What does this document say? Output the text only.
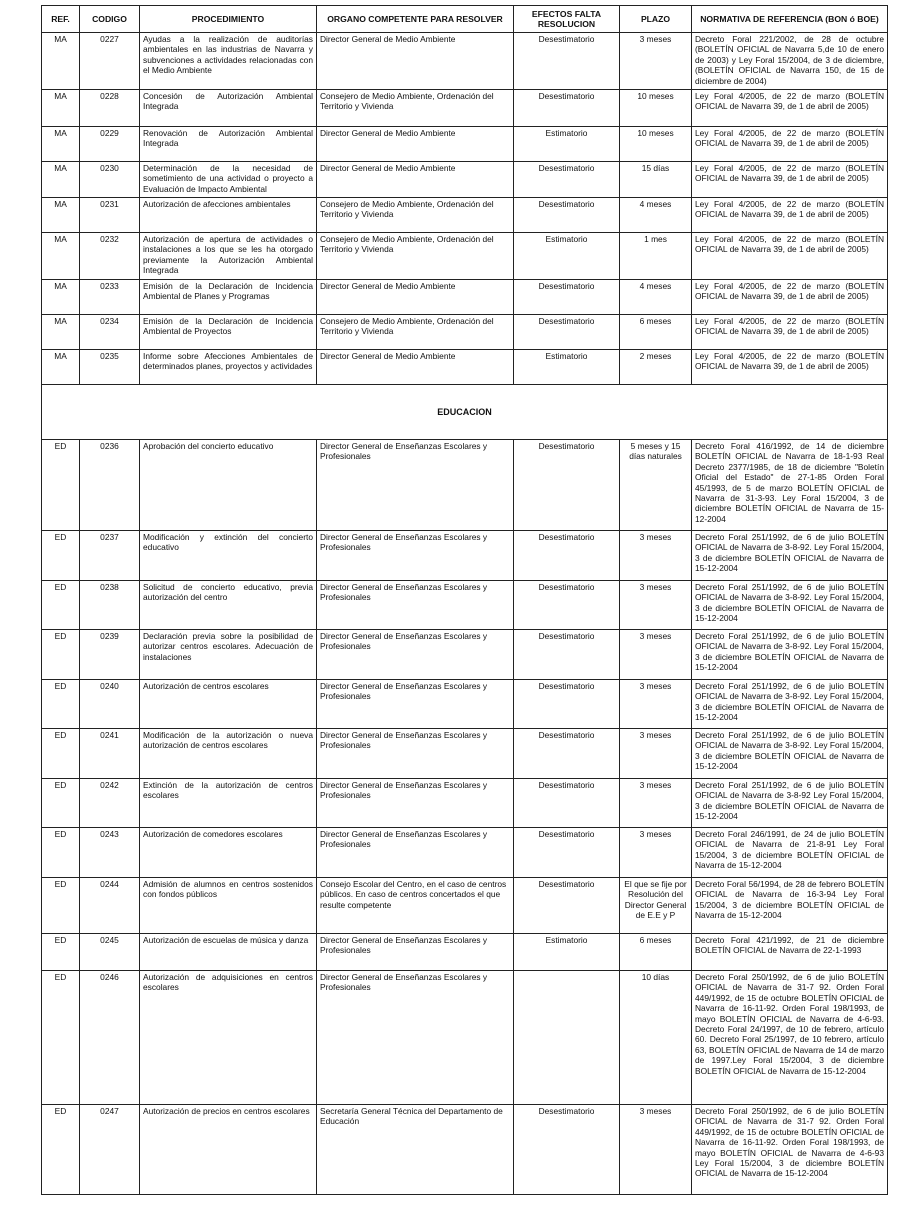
REF.	CODIGO	PROCEDIMIENTO	ORGANO COMPETENTE PARA RESOLVER	EFECTOS FALTA RESOLUCION	PLAZO	NORMATIVA DE REFERENCIA (BON ó BOE)
MA	0227	Ayudas a la realización de auditorías ambientales en las industrias de Navarra y subvenciones a actividades relacionadas con el Medio Ambiente	Director General de Medio Ambiente	Desestimatorio	3 meses	Decreto Foral 221/2002, de 28 de octubre (BOLETÍN OFICIAL de Navarra 5,de 10 de enero de 2003) y Ley Foral 15/2004, de 3 de diciembre, (BOLETÍN OFICIAL de Navarra 150, de 15 de diciembre de 2004)
MA	0228	Concesión de Autorización Ambiental Integrada	Consejero de Medio Ambiente, Ordenación del Territorio y Vivienda	Desestimatorio	10 meses	Ley Foral 4/2005, de 22 de marzo (BOLETÍN OFICIAL de Navarra 39, de 1 de abril de 2005)
MA	0229	Renovación de Autorización Ambiental Integrada	Director General de Medio Ambiente	Estimatorio	10 meses	Ley Foral 4/2005, de 22 de marzo (BOLETÍN OFICIAL de Navarra 39, de 1 de abril de 2005)
MA	0230	Determinación de la necesidad de sometimiento de una actividad o proyecto a Evaluación de Impacto Ambiental	Director General de Medio Ambiente	Desestimatorio	15 días	Ley Foral 4/2005, de 22 de marzo (BOLETÍN OFICIAL de Navarra 39, de 1 de abril de 2005)
MA	0231	Autorización de afecciones ambientales	Consejero de Medio Ambiente, Ordenación del Territorio y Vivienda	Desestimatorio	4 meses	Ley Foral 4/2005, de 22 de marzo (BOLETÍN OFICIAL de Navarra 39, de 1 de abril de 2005)
MA	0232	Autorización de apertura de actividades o instalaciones a los que se les ha otorgado previamente la Autorización Ambiental Integrada	Consejero de Medio Ambiente, Ordenación del Territorio y Vivienda	Estimatorio	1 mes	Ley Foral 4/2005, de 22 de marzo (BOLETÍN OFICIAL de Navarra 39, de 1 de abril de 2005)
MA	0233	Emisión de la Declaración de Incidencia Ambiental de Planes y Programas	Director General de Medio Ambiente	Desestimatorio	4 meses	Ley Foral 4/2005, de 22 de marzo (BOLETÍN OFICIAL de Navarra 39, de 1 de abril de 2005)
MA	0234	Emisión de la Declaración de Incidencia Ambiental de Proyectos	Consejero de Medio Ambiente, Ordenación del Territorio y Vivienda	Desestimatorio	6 meses	Ley Foral 4/2005, de 22 de marzo (BOLETÍN OFICIAL de Navarra 39, de 1 de abril de 2005)
MA	0235	Informe sobre Afecciones Ambientales de determinados planes, proyectos y actividades	Director General de Medio Ambiente	Estimatorio	2 meses	Ley Foral 4/2005, de 22 de marzo (BOLETÍN OFICIAL de Navarra 39, de 1 de abril de 2005)
EDUCACION						
ED	0236	Aprobación del concierto educativo	Director General de Enseñanzas Escolares y Profesionales	Desestimatorio	5 meses y 15 días naturales	Decreto Foral 416/1992, de 14 de diciembre BOLETÍN OFICIAL de Navarra de 18-1-93 Real Decreto 2377/1985, de 18 de diciembre "Boletín Oficial del Estado" de 27-1-85 Orden Foral 45/1993, de 5 de marzo BOLETÍN OFICIAL de Navarra de 31-3-93. Ley Foral 15/2004, 3 de diciembre BOLETÍN OFICIAL de Navarra de 15-12-2004
ED	0237	Modificación y extinción del concierto educativo	Director General de Enseñanzas Escolares y Profesionales	Desestimatorio	3 meses	Decreto Foral 251/1992, de 6 de julio BOLETÍN OFICIAL de Navarra de 3-8-92. Ley Foral 15/2004, 3 de diciembre BOLETÍN OFICIAL de Navarra de 15-12-2004
ED	0238	Solicitud de concierto educativo, previa autorización del centro	Director General de Enseñanzas Escolares y Profesionales	Desestimatorio	3 meses	Decreto Foral 251/1992, de 6 de julio BOLETÍN OFICIAL de Navarra de 3-8-92. Ley Foral 15/2004, 3 de diciembre BOLETÍN OFICIAL de Navarra de 15-12-2004
ED	0239	Declaración previa sobre la posibilidad de autorizar centros escolares. Adecuación de instalaciones	Director General de Enseñanzas Escolares y Profesionales	Desestimatorio	3 meses	Decreto Foral 251/1992, de 6 de julio BOLETÍN OFICIAL de Navarra de 3-8-92. Ley Foral 15/2004, 3 de diciembre BOLETÍN OFICIAL de Navarra de 15-12-2004
ED	0240	Autorización de centros escolares	Director General de Enseñanzas Escolares y Profesionales	Desestimatorio	3 meses	Decreto Foral 251/1992, de 6 de julio BOLETÍN OFICIAL de Navarra de 3-8-92. Ley Foral 15/2004, 3 de diciembre BOLETÍN OFICIAL de Navarra de 15-12-2004
ED	0241	Modificación de la autorización o nueva autorización de centros escolares	Director General de Enseñanzas Escolares y Profesionales	Desestimatorio	3 meses	Decreto Foral 251/1992, de 6 de julio BOLETÍN OFICIAL de Navarra de 3-8-92. Ley Foral 15/2004, 3 de diciembre BOLETÍN OFICIAL de Navarra de 15-12-2004
ED	0242	Extinción de la autorización de centros escolares	Director General de Enseñanzas Escolares y Profesionales	Desestimatorio	3 meses	Decreto Foral 251/1992, de 6 de julio BOLETÍN OFICIAL de Navarra de 3-8-92 Ley Foral 15/2004, 3 de diciembre BOLETÍN OFICIAL de Navarra de 15-12-2004
ED	0243	Autorización de comedores escolares	Director General de Enseñanzas Escolares y Profesionales	Desestimatorio	3 meses	Decreto Foral 246/1991, de 24 de julio BOLETÍN OFICIAL de Navarra de 21-8-91 Ley Foral 15/2004, 3 de diciembre BOLETÍN OFICIAL de Navarra de 15-12-2004
ED	0244	Admisión de alumnos en centros sostenidos con fondos públicos	Consejo Escolar del Centro, en el caso de centros públicos. En caso de centros concertados el que resulte competente	Desestimatorio	El que se fije por Resolución del Director General de E.E y P	Decreto Foral 56/1994, de 28 de febrero BOLETÍN OFICIAL de Navarra de 16-3-94 Ley Foral 15/2004, 3 de diciembre BOLETÍN OFICIAL de Navarra de 15-12-2004
ED	0245	Autorización de escuelas de música y danza	Director General de Enseñanzas Escolares y Profesionales	Estimatorio	6 meses	Decreto Foral 421/1992, de 21 de diciembre BOLETÍN OFICIAL de Navarra de 22-1-1993
ED	0246	Autorización de adquisiciones en centros escolares	Director General de Enseñanzas Escolares y Profesionales		10 días	Decreto Foral 250/1992, de 6 de julio BOLETÍN OFICIAL de Navarra de 31-7 92. Orden Foral 449/1992, de 15 de octubre BOLETÍN OFICIAL de Navarra de 16-11-92. Orden Foral 198/1993, de mayo BOLETÍN OFICIAL de Navarra de 4-6-93. Decreto Foral 24/1997, de 10 de febrero, artículo 60. Decreto Foral 25/1997, de 10 febrero, artículo 63, BOLETÍN OFICIAL de Navarra de 14 de marzo de 1997.Ley Foral 15/2004, 3 de diciembre BOLETÍN OFICIAL de Navarra de 15-12-2004
ED	0247	Autorización de precios en centros escolares	Secretaría General Técnica del Departamento de Educación	Desestimatorio	3 meses	Decreto Foral 250/1992, de 6 de julio BOLETÍN OFICIAL de Navarra de 31-7 92. Orden Foral 449/1992, de 15 de octubre BOLETÍN OFICIAL de Navarra de 16-11-92. Orden Foral 198/1993, de mayo BOLETÍN OFICIAL de Navarra de 4-6-93 Ley Foral 15/2004, 3 de diciembre BOLETÍN OFICIAL de Navarra de 15-12-2004
